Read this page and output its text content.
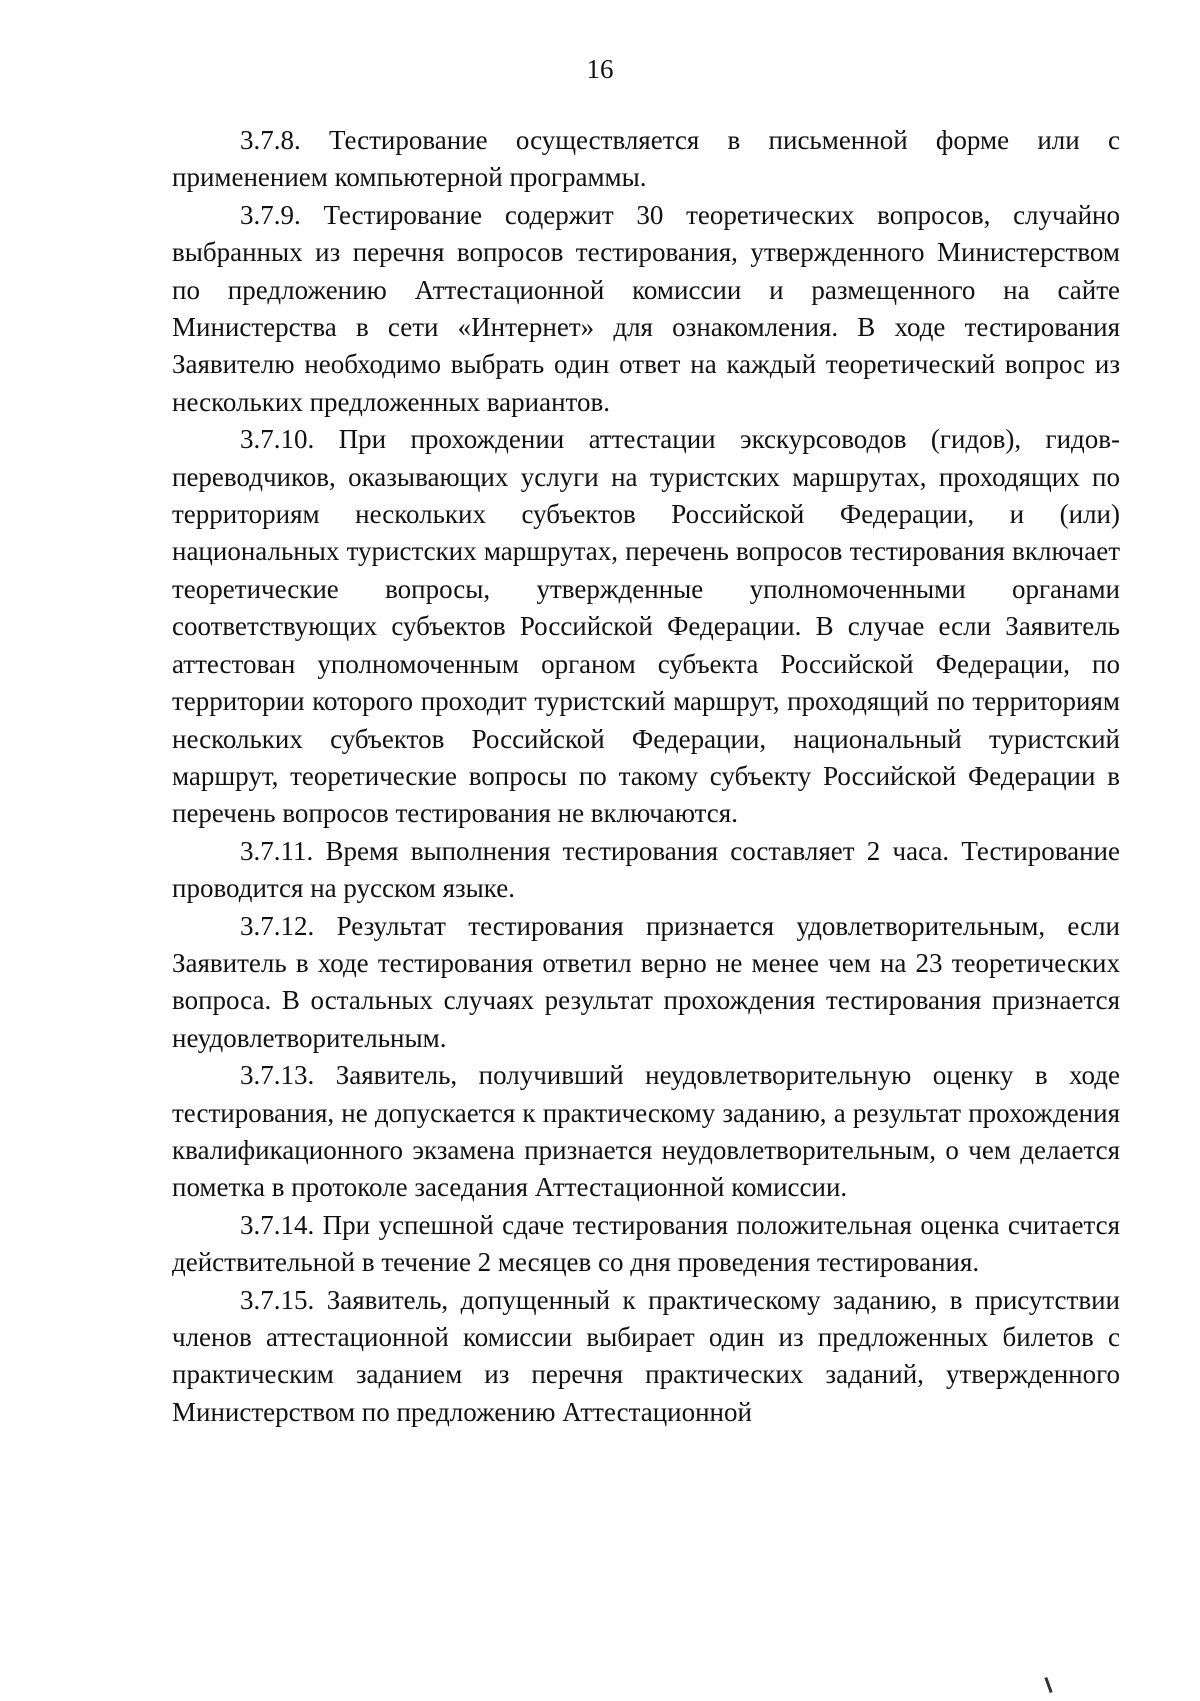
16

3.7.8. Тестирование осуществляется в письменной форме или с применением компьютерной программы.

3.7.9. Тестирование содержит 30 теоретических вопросов, случайно выбранных из перечня вопросов тестирования, утвержденного Министерством по предложению Аттестационной комиссии и размещенного на сайте Министерства в сети «Интернет» для ознакомления. В ходе тестирования Заявителю необходимо выбрать один ответ на каждый теоретический вопрос из нескольких предложенных вариантов.

3.7.10. При прохождении аттестации экскурсоводов (гидов), гидов-переводчиков, оказывающих услуги на туристских маршрутах, проходящих по территориям нескольких субъектов Российской Федерации, и (или) национальных туристских маршрутах, перечень вопросов тестирования включает теоретические вопросы, утвержденные уполномоченными органами соответствующих субъектов Российской Федерации. В случае если Заявитель аттестован уполномоченным органом субъекта Российской Федерации, по территории которого проходит туристский маршрут, проходящий по территориям нескольких субъектов Российской Федерации, национальный туристский маршрут, теоретические вопросы по такому субъекту Российской Федерации в перечень вопросов тестирования не включаются.

3.7.11. Время выполнения тестирования составляет 2 часа. Тестирование проводится на русском языке.

3.7.12. Результат тестирования признается удовлетворительным, если Заявитель в ходе тестирования ответил верно не менее чем на 23 теоретических вопроса. В остальных случаях результат прохождения тестирования признается неудовлетворительным.

3.7.13. Заявитель, получивший неудовлетворительную оценку в ходе тестирования, не допускается к практическому заданию, а результат прохождения квалификационного экзамена признается неудовлетворительным, о чем делается пометка в протоколе заседания Аттестационной комиссии.

3.7.14. При успешной сдаче тестирования положительная оценка считается действительной в течение 2 месяцев со дня проведения тестирования.

3.7.15. Заявитель, допущенный к практическому заданию, в присутствии членов аттестационной комиссии выбирает один из предложенных билетов с практическим заданием из перечня практических заданий, утвержденного Министерством по предложению Аттестационной
